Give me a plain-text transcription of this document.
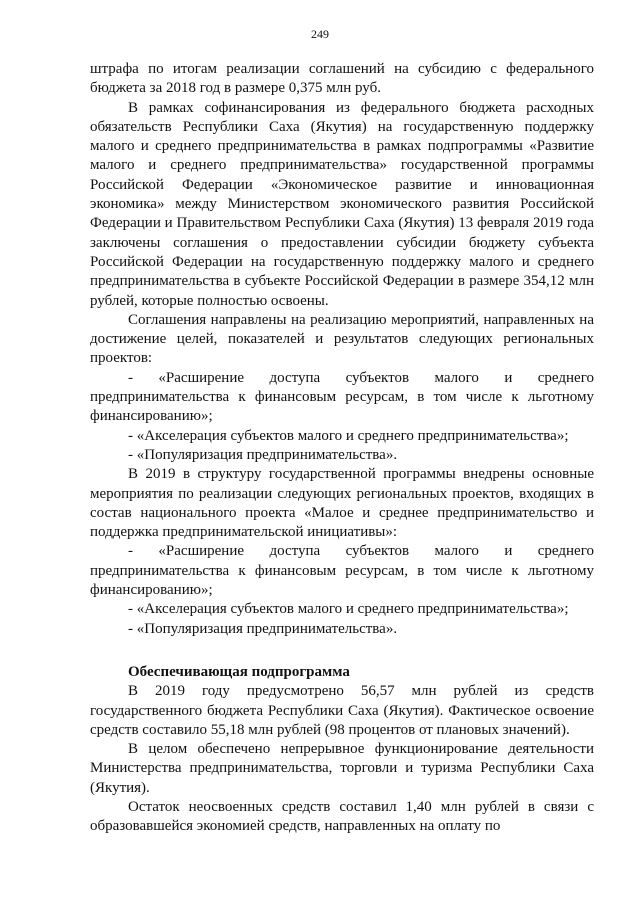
249

штрафа по итогам реализации соглашений на субсидию с федерального бюджета за 2018 год в размере 0,375 млн руб.

В рамках софинансирования из федерального бюджета расходных обязательств Республики Саха (Якутия) на государственную поддержку малого и среднего предпринимательства в рамках подпрограммы «Развитие малого и среднего предпринимательства» государственной программы Российской Федерации «Экономическое развитие и инновационная экономика» между Министерством экономического развития Российской Федерации и Правительством Республики Саха (Якутия) 13 февраля 2019 года заключены соглашения о предоставлении субсидии бюджету субъекта Российской Федерации на государственную поддержку малого и среднего предпринимательства в субъекте Российской Федерации в размере 354,12 млн рублей, которые полностью освоены.

Соглашения направлены на реализацию мероприятий, направленных на достижение целей, показателей и результатов следующих региональных проектов:

- «Расширение доступа субъектов малого и среднего предпринимательства к финансовым ресурсам, в том числе к льготному финансированию»;

- «Акселерация субъектов малого и среднего предпринимательства»;

- «Популяризация предпринимательства».

В 2019 в структуру государственной программы внедрены основные мероприятия по реализации следующих региональных проектов, входящих в состав национального проекта «Малое и среднее предпринимательство и поддержка предпринимательской инициативы»:

- «Расширение доступа субъектов малого и среднего предпринимательства к финансовым ресурсам, в том числе к льготному финансированию»;

- «Акселерация субъектов малого и среднего предпринимательства»;

- «Популяризация предпринимательства».

Обеспечивающая подпрограмма

В 2019 году предусмотрено 56,57 млн рублей из средств государственного бюджета Республики Саха (Якутия). Фактическое освоение средств составило 55,18 млн рублей (98 процентов от плановых значений).

В целом обеспечено непрерывное функционирование деятельности Министерства предпринимательства, торговли и туризма Республики Саха (Якутия).

Остаток неосвоенных средств составил 1,40 млн рублей в связи с образовавшейся экономией средств, направленных на оплату по
